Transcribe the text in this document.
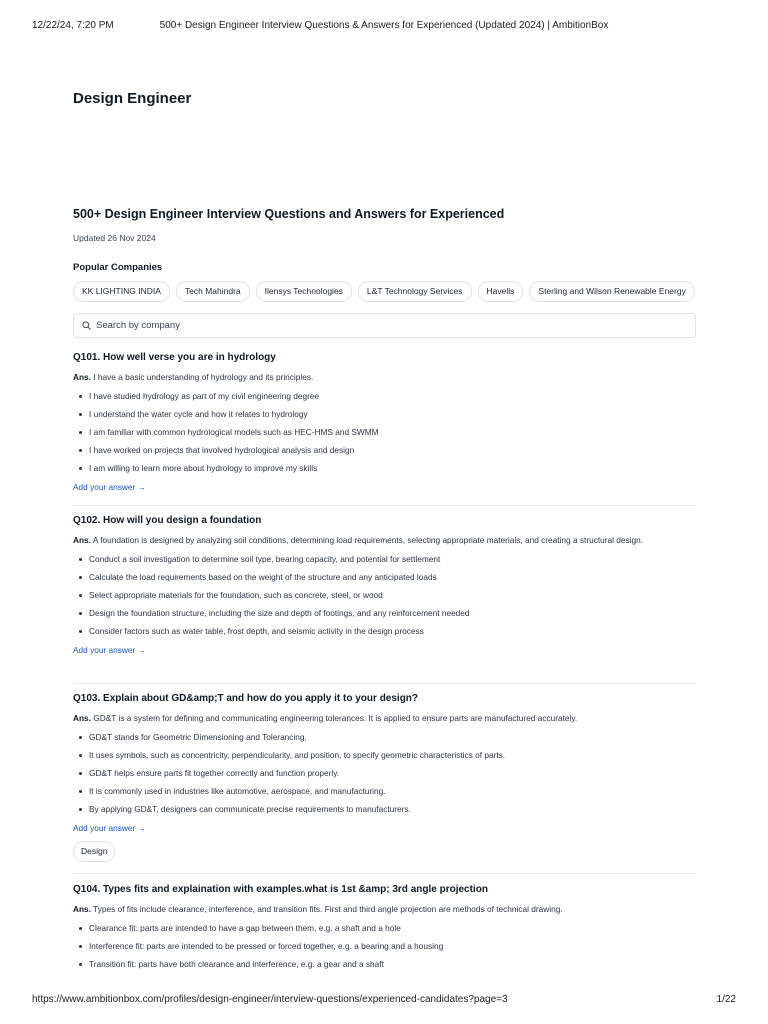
12/22/24, 7:20 PM	500+ Design Engineer Interview Questions & Answers for Experienced (Updated 2024) | AmbitionBox
Design Engineer
500+ Design Engineer Interview Questions and Answers for Experienced
Updated 26 Nov 2024
Popular Companies
KK LIGHTING INDIA	Tech Mahindra	Ilensys Technologies	L&T Technology Services	Havells	Sterling and Wilson Renewable Energy
Search by company
Q101. How well verse you are in hydrology
Ans. I have a basic understanding of hydrology and its principles.
I have studied hydrology as part of my civil engineering degree
I understand the water cycle and how it relates to hydrology
I am familiar with common hydrological models such as HEC-HMS and SWMM
I have worked on projects that involved hydrological analysis and design
I am willing to learn more about hydrology to improve my skills
Add your answer →
Q102. How will you design a foundation
Ans. A foundation is designed by analyzing soil conditions, determining load requirements, selecting appropriate materials, and creating a structural design.
Conduct a soil investigation to determine soil type, bearing capacity, and potential for settlement
Calculate the load requirements based on the weight of the structure and any anticipated loads
Select appropriate materials for the foundation, such as concrete, steel, or wood
Design the foundation structure, including the size and depth of footings, and any reinforcement needed
Consider factors such as water table, frost depth, and seismic activity in the design process
Add your answer →
Q103. Explain about GD&amp;T and how do you apply it to your design?
Ans. GD&T is a system for defining and communicating engineering tolerances. It is applied to ensure parts are manufactured accurately.
GD&T stands for Geometric Dimensioning and Tolerancing.
It uses symbols, such as concentricity, perpendicularity, and position, to specify geometric characteristics of parts.
GD&T helps ensure parts fit together correctly and function properly.
It is commonly used in industries like automotive, aerospace, and manufacturing.
By applying GD&T, designers can communicate precise requirements to manufacturers.
Add your answer →
Design
Q104. Types fits and explaination with examples.what is 1st &amp; 3rd angle projection
Ans. Types of fits include clearance, interference, and transition fits. First and third angle projection are methods of technical drawing.
Clearance fit: parts are intended to have a gap between them, e.g. a shaft and a hole
Interference fit: parts are intended to be pressed or forced together, e.g. a bearing and a housing
Transition fit: parts have both clearance and interference, e.g. a gear and a shaft
https://www.ambitionbox.com/profiles/design-engineer/interview-questions/experienced-candidates?page=3	1/22
